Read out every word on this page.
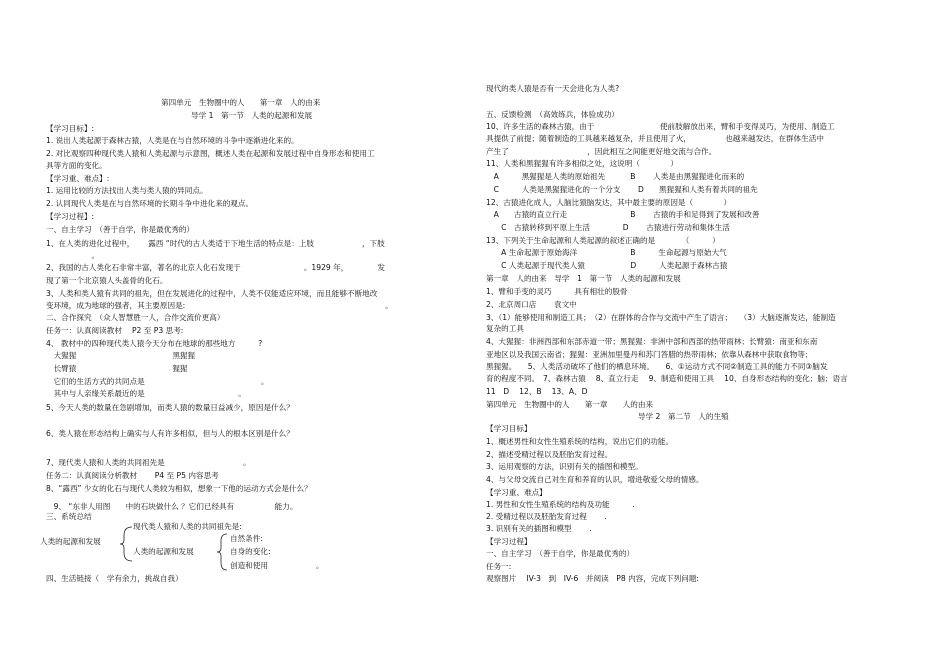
第四单元　生物圈中的人　　第一章　人的由来
导学 1　第一节　人类的起源和发展
【学习目标】:
1. 说出人类起源于森林古猿，人类是在与自然环境的斗争中逐渐进化来的。
2. 对比观察四种现代类人猿和人类起源与示意图，概述人类在起源和发展过程中自身形态和使用工
具等方面的变化。
【学习重、难点】:
1. 运用比较的方法找出人类与类人猿的异同点。
2. 认同现代人类是在与自然环境的长期斗争中进化来的观点。
【学习过程】:
一、自主学习　（善于自学，你是最优秀的）
1、在人类的进化过程中，　　 露西 “时代的古人类适于下地生活的特点是：上肢 　　　　　　，下肢
　　　　　　。
2、我国的古人类化石非常丰富，著名的北京人化石发现于 　　　　　　　　。1929 年，　　　　 发
现了第一个北京猿人头盖骨的化石。
3、人类和类人猿有共同的祖先，但在发展进化的过程中，人类不仅能适应环境，而且能够不断地改
变环境，成为地球的强者，其主要原因是: 　　　　　　　　　　　　　　　　　　　　　　　　　　。
二、合作探究　（众人智慧胜一人，合作交流价更高）
任务一：认真阅读教材　 P2 至 P3 思考:
4、 教材中的四种现代类人猿今天分布在地球的那些地方　　　?
　大猩猩 　　　　　　　　　　　　 黑猩猩 　　　　　　　　　
　长臂猿 　　　　　　　　　　　　 猩猩 　　　　　　　　　　
　它们的生活方式的共同点是 　　　　　　　　　　　　　　　。
　其中与人亲缘关系最近的是 　　　　　　　　　　　　。
5、今天人类的数量在急剧增加，而类人猿的数量日益减少，原因是什么？
6、类人猿在形态结构上确实与人有许多相似，但与人的根本区别是什么？
7、现代类人猿和人类的共同祖先是 　　　　　　　　　　。
任务二：认真阅读分析教材　　 P4 至 P5 内容思考
8、“露西” 少女的化石与现代人类较为相似，想象一下他的运动方式会是什么？
　9、 “东非人用图　　中的石块做什么 ？它们已经具有 　　　　　能力。
三、系统总结
人类的起源和发展
现代类人猿和人类的共同祖先是:
人类的起源和发展
自然条件:
自身的变化:
创造和使用 　　　　　　。
四、生活链接（　学有余力，挑战自我）
现代的类人猿是否有一天会进化为人类?
五、反馈检测　（高效练兵，体验成功）
10、许多生活的森林古猿，由于 　　　　　　　　 使前肢解放出来，臂和手变得灵巧，为使用、制造工
具提供了前提；随着制造的工具越来越复杂，并且使用了火，　　　　　也越来越发达，在群体生活中
产生了 　　　　　　　　　　，因此相互之间能更好地交流与合作。
11、人类和黑猩猩有许多相似之处，这说明（　　　　）
　A　　　黑猩猩是人类的原始祖先　　　 B　　 人类是由黑猩猩进化而来的
　C　　　人类是黑猩猩进化的一个分支　　 D　　黑猩猩和人类有着共同的祖先
12、古猿进化成人，人脑比猿脑发达，其中最主要的原因是（　　　　）
　A　　古猿的直立行走　　　　　　　　 B　　 古猿的手和足得到了发展和改善
　　C　古猿转移到平原上生活　　　　 D　　 古猿进行劳动和集体生活
13、下列关于生命起源和人类起源的叙述正确的是　　　　（　　　）
　　A 生命起源于原始海洋　　　　　　　B　　　生命起源与原始大气
　　C 人类起源于现代类人猿　　　　　　D　　　人类起源于森林古猿
第一章　人的由来　导学　1　第一节　人类的起源和发展
1、臂和手变的灵巧　　　具有相壮的股骨
2、北京周口店　　 袁文中
3、（1）能够使用和制造工具；　（2）在群体的合作与交流中产生了语言；　　（3）大脑逐渐发达，能制造
复杂的工具
4、大猩猩：非洲西部和东部赤道一带；黑猩猩：非洲中部和西部的热带雨林；长臂猿：南亚和东南
亚地区以及我国云南省；猩猩：亚洲加里曼丹和苏门答腊的热带雨林；依靠从森林中获取食物等；
黑猩猩。　　5、人类活动破坏了他们的栖息环境。　　6、①运动方式不同②制造工具的能力不同③脑发
育的程度不同。　7、森林古猿　 8、直立行走　 9、制造和使用工具　 10、自身形态结构的变化；脑；语言
11　D　 12、B　 13、A、D
第四单元　生物圈中的人　　第一章　　人的由来
　　　　　　　　　　　　　　　　　　　　导学 2　第二节　人的生殖
【学习目标】
1、概述男性和女性生殖系统的结构，说出它们的功能。
2、描述受精过程以及胚胎发育过程。
3、运用观察的方法，识别有关的插图和模型。
4、与父母交流自己对生育和养育的认识，增进敬爱父母的情感。
【学习重、难点】
1. 男性和女性生殖系统的结构及功能　　　.
2. 受精过程以及胚胎发育过程　　 .
3. 识别有关的插图和模型　　 .
【学习过程】
一、自主学习　（善于自学，你是最优秀的）
任务一:
观察图片　 IV-3　到　IV-6　并阅读　P8 内容，完成下列问题:
